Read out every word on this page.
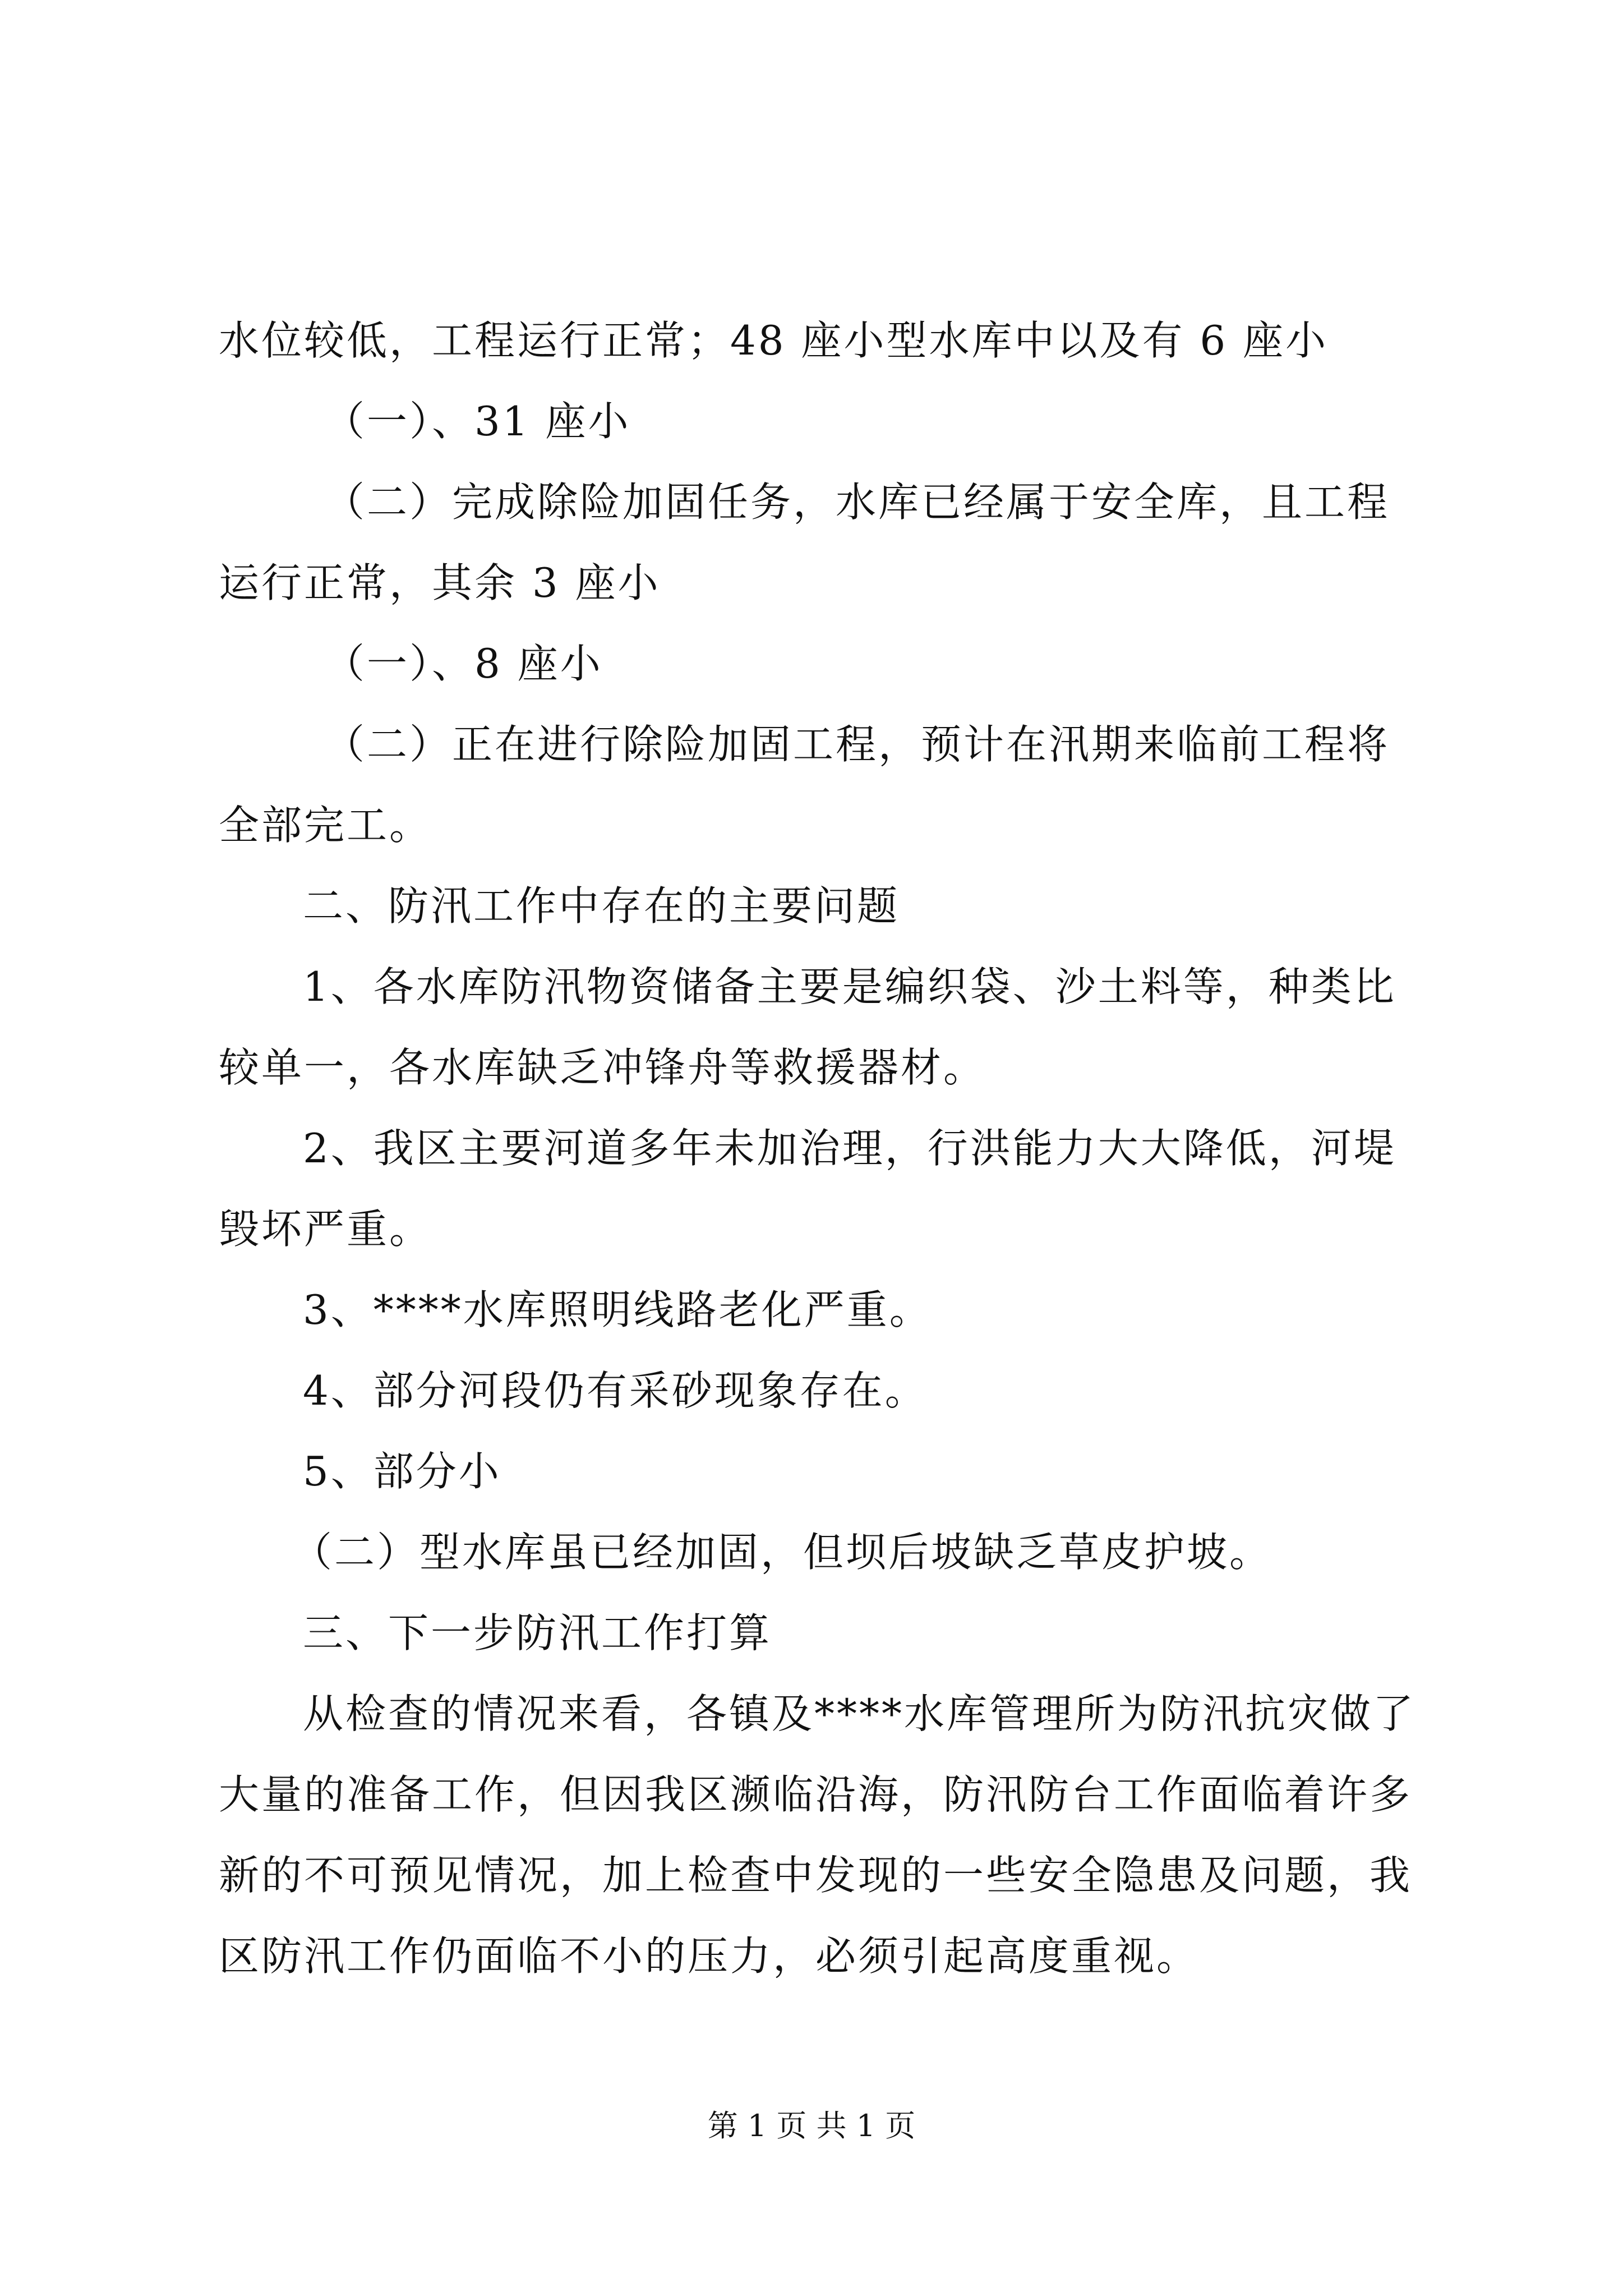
水位较低，工程运行正常；48 座小型水库中以及有 6 座小

（一）、31 座小

（二）完成除险加固任务，水库已经属于安全库，且工程运行正常，其余 3 座小

（一）、8 座小

（二）正在进行除险加固工程，预计在汛期来临前工程将全部完工。

二、防汛工作中存在的主要问题

1、各水库防汛物资储备主要是编织袋、沙土料等，种类比较单一，各水库缺乏冲锋舟等救援器材。

2、我区主要河道多年未加治理，行洪能力大大降低，河堤毁坏严重。

3、****水库照明线路老化严重。

4、部分河段仍有采砂现象存在。

5、部分小

（二）型水库虽已经加固，但坝后坡缺乏草皮护坡。

三、下一步防汛工作打算

从检查的情况来看，各镇及****水库管理所为防汛抗灾做了大量的准备工作，但因我区濒临沿海，防汛防台工作面临着许多新的不可预见情况，加上检查中发现的一些安全隐患及问题，我区防汛工作仍面临不小的压力，必须引起高度重视。

第 1 页 共 1 页
